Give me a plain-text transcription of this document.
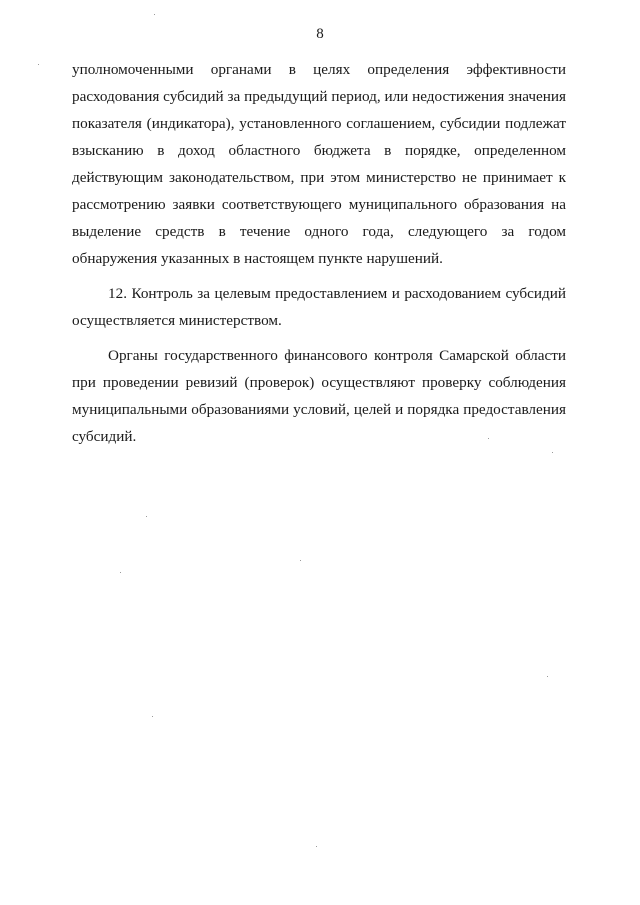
8
уполномоченными органами в целях определения эффективности
расходования субсидий за предыдущий период, или недостижения значения
показателя (индикатора), установленного соглашением, субсидии подлежат
взысканию в доход областного бюджета в порядке, определенном
действующим законодательством, при этом министерство не принимает к
рассмотрению заявки соответствующего муниципального образования на
выделение средств в течение одного года, следующего за годом
обнаружения указанных в настоящем пункте нарушений.
12. Контроль за целевым предоставлением и расходованием субсидий
осуществляется министерством.
Органы государственного финансового контроля Самарской области
при проведении ревизий (проверок) осуществляют проверку соблюдения
муниципальными образованиями условий, целей и порядка предоставления
субсидий.
